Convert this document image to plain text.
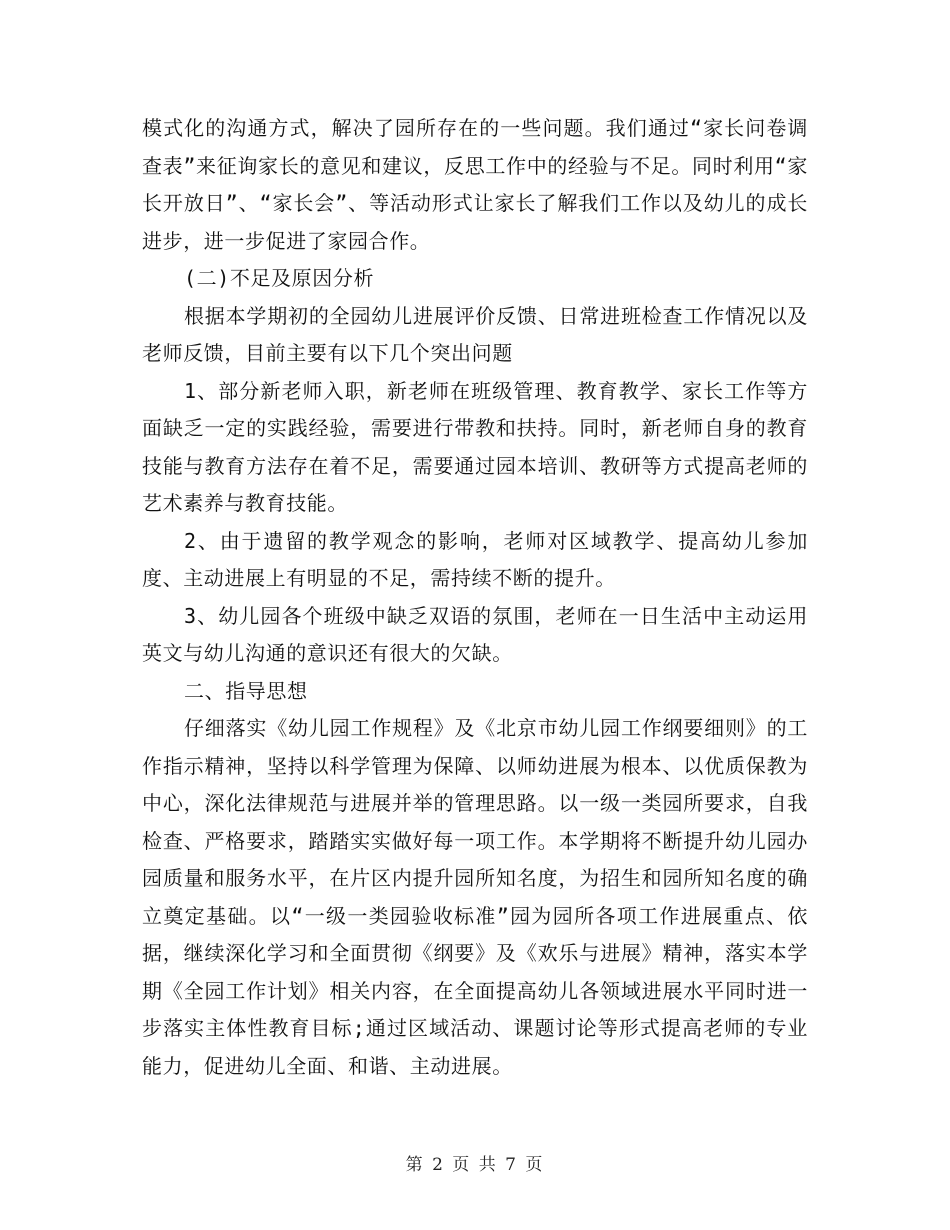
模式化的沟通方式，解决了园所存在的一些问题。我们通过“家长问卷调查表”来征询家长的意见和建议，反思工作中的经验与不足。同时利用“家长开放日”、“家长会”、等活动形式让家长了解我们工作以及幼儿的成长进步，进一步促进了家园合作。

(二)不足及原因分析

根据本学期初的全园幼儿进展评价反馈、日常进班检查工作情况以及老师反馈，目前主要有以下几个突出问题

1、部分新老师入职，新老师在班级管理、教育教学、家长工作等方面缺乏一定的实践经验，需要进行带教和扶持。同时，新老师自身的教育技能与教育方法存在着不足，需要通过园本培训、教研等方式提高老师的艺术素养与教育技能。

2、由于遗留的教学观念的影响，老师对区域教学、提高幼儿参加度、主动进展上有明显的不足，需持续不断的提升。

3、幼儿园各个班级中缺乏双语的氛围，老师在一日生活中主动运用英文与幼儿沟通的意识还有很大的欠缺。

二、指导思想

仔细落实《幼儿园工作规程》及《北京市幼儿园工作纲要细则》的工作指示精神，坚持以科学管理为保障、以师幼进展为根本、以优质保教为中心，深化法律规范与进展并举的管理思路。以一级一类园所要求，自我检查、严格要求，踏踏实实做好每一项工作。本学期将不断提升幼儿园办园质量和服务水平，在片区内提升园所知名度，为招生和园所知名度的确立奠定基础。以“一级一类园验收标准”园为园所各项工作进展重点、依据，继续深化学习和全面贯彻《纲要》及《欢乐与进展》精神，落实本学期《全园工作计划》相关内容，在全面提高幼儿各领域进展水平同时进一步落实主体性教育目标;通过区域活动、课题讨论等形式提高老师的专业能力，促进幼儿全面、和谐、主动进展。

第 2 页 共 7 页
